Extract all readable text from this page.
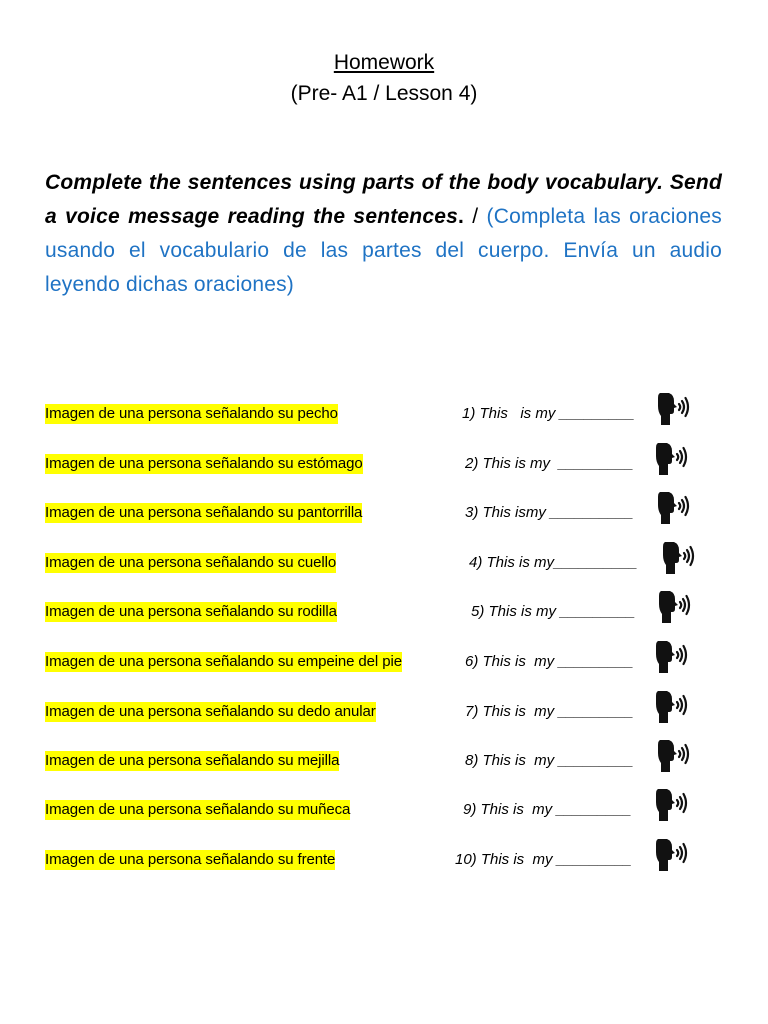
Homework
(Pre- A1 / Lesson 4)
Complete the sentences using parts of the body vocabulary. Send a voice message reading the sentences. / (Completa las oraciones usando el vocabulario de las partes del cuerpo. Envía un audio leyendo dichas oraciones)
Imagen de una persona señalando su pecho	1) This   is my _________
Imagen de una persona señalando su estómago	2) This is my  _________
Imagen de una persona señalando su pantorrilla	3) This ismy __________
Imagen de una persona señalando su cuello	4) This is my__________
Imagen de una persona señalando su rodilla	5) This is my _________
Imagen de una persona señalando su empeine del pie	6) This is  my _________
Imagen de una persona señalando su dedo anular	7) This is  my _________
Imagen de una persona señalando su mejilla	8) This is  my _________
Imagen de una persona señalando su muñeca	9) This is  my _________
Imagen de una persona señalando su frente	10) This is  my _________
